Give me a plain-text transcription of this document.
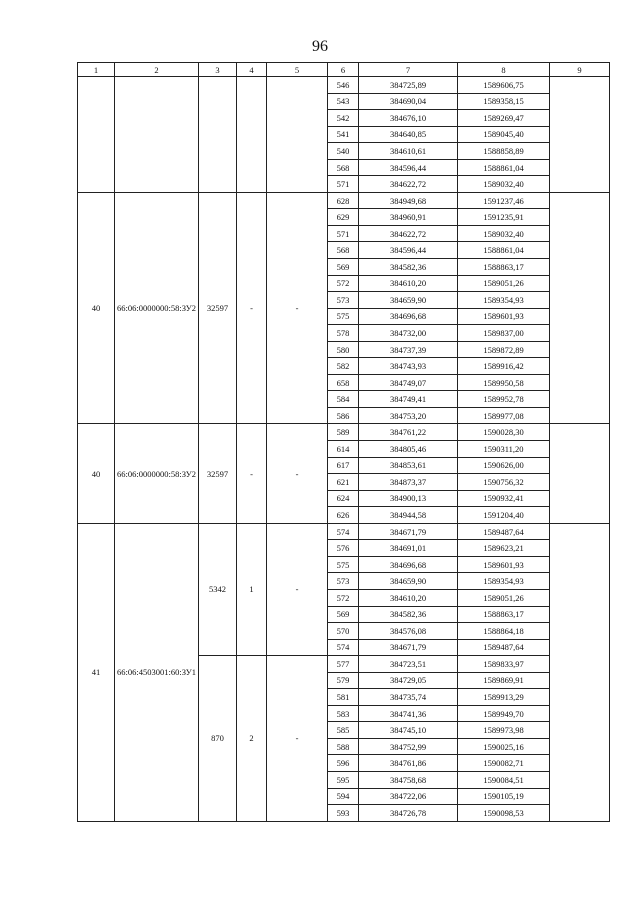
96
1	2	3	4	5	6	7	8	9
					546	384725,89	1589606,75	
					543	384690,04	1589358,15	
					542	384676,10	1589269,47	
					541	384640,85	1589045,40	
					540	384610,61	1588858,89	
					568	384596,44	1588861,04	
					571	384622,72	1589032,40	
40	66:06:0000000:58:ЗУ2	32597	-	-	628	384949,68	1591237,46	
					629	384960,91	1591235,91	
					571	384622,72	1589032,40	
					568	384596,44	1588861,04	
					569	384582,36	1588863,17	
					572	384610,20	1589051,26	
					573	384659,90	1589354,93	
					575	384696,68	1589601,93	
					578	384732,00	1589837,00	
					580	384737,39	1589872,89	
					582	384743,93	1589916,42	
					658	384749,07	1589950,58	
					584	384749,41	1589952,78	
					586	384753,20	1589977,08	
40	66:06:0000000:58:ЗУ2	32597	-	-	589	384761,22	1590028,30	
					614	384805,46	1590311,20	
					617	384853,61	1590626,00	
					621	384873,37	1590756,32	
					624	384900,13	1590932,41	
					626	384944,58	1591204,40	
41	66:06:4503001:60:ЗУ1	5342	1	-	574	384671,79	1589487,64	
					576	384691,01	1589623,21	
					575	384696,68	1589601,93	
					573	384659,90	1589354,93	
					572	384610,20	1589051,26	
					569	384582,36	1588863,17	
					570	384576,08	1588864,18	
					574	384671,79	1589487,64	
		870	2	-	577	384723,51	1589833,97	
					579	384729,05	1589869,91	
					581	384735,74	1589913,29	
					583	384741,36	1589949,70	
					585	384745,10	1589973,98	
					588	384752,99	1590025,16	
					596	384761,86	1590082,71	
					595	384758,68	1590084,51	
					594	384722,06	1590105,19	
					593	384726,78	1590098,53	
